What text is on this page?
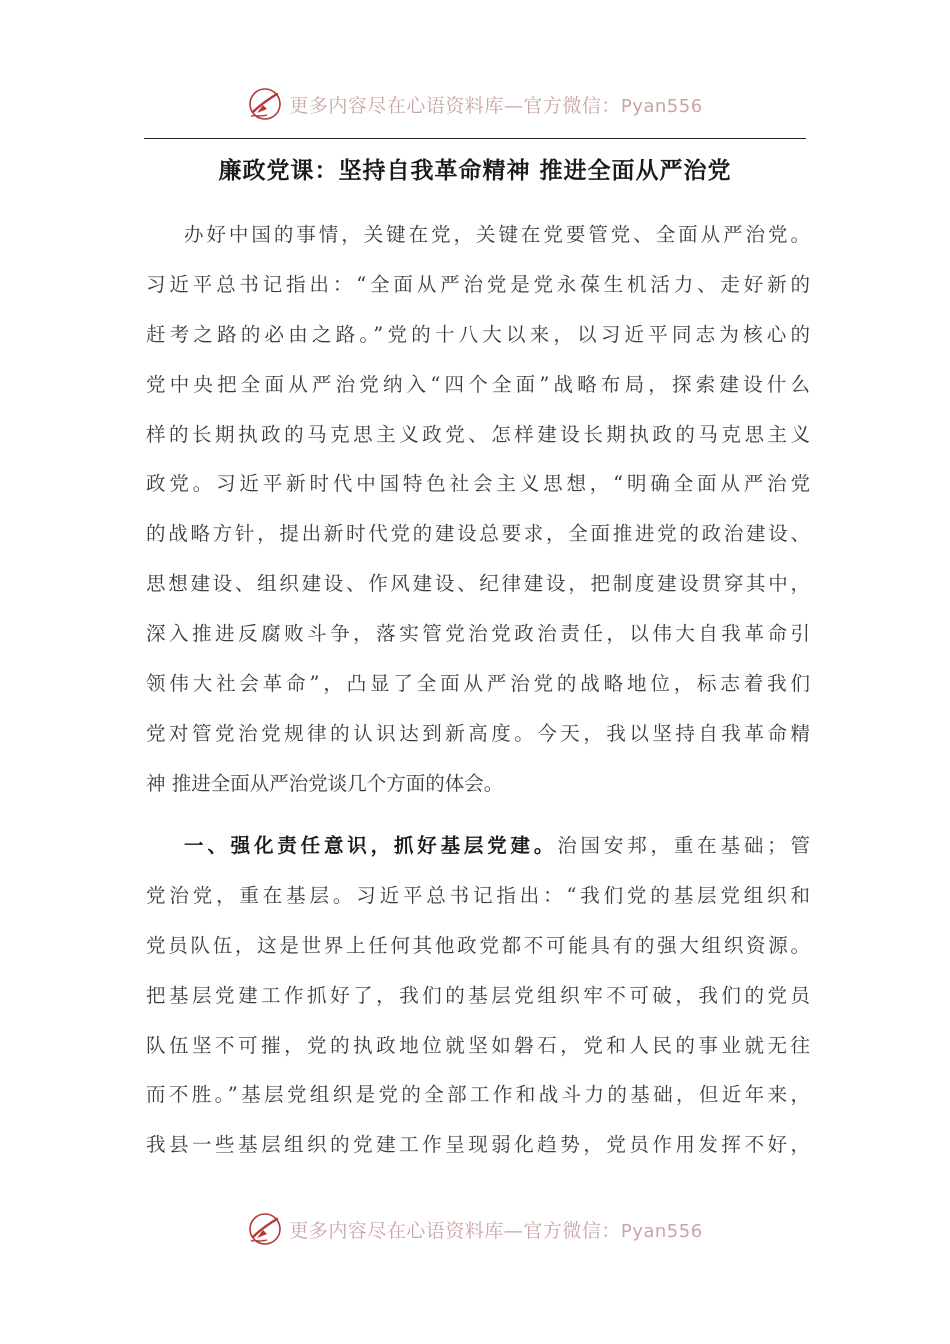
更多内容尽在心语资料库—官方微信：Pyan556
廉政党课：坚持自我革命精神 推进全面从严治党
办好中国的事情，关键在党，关键在党要管党、全面从严治党。
习近平总书记指出：“全面从严治党是党永葆生机活力、走好新的
赶考之路的必由之路。”党的十八大以来，以习近平同志为核心的
党中央把全面从严治党纳入“四个全面”战略布局，探索建设什么
样的长期执政的马克思主义政党、怎样建设长期执政的马克思主义
政党。习近平新时代中国特色社会主义思想，“明确全面从严治党
的战略方针，提出新时代党的建设总要求，全面推进党的政治建设、
思想建设、组织建设、作风建设、纪律建设，把制度建设贯穿其中，
深入推进反腐败斗争，落实管党治党政治责任，以伟大自我革命引
领伟大社会革命”，凸显了全面从严治党的战略地位，标志着我们
党对管党治党规律的认识达到新高度。今天，我以坚持自我革命精
神 推进全面从严治党谈几个方面的体会。
一、强化责任意识，抓好基层党建。治国安邦，重在基础；管
党治党，重在基层。习近平总书记指出：“我们党的基层党组织和
党员队伍，这是世界上任何其他政党都不可能具有的强大组织资源。
把基层党建工作抓好了，我们的基层党组织牢不可破，我们的党员
队伍坚不可摧，党的执政地位就坚如磐石，党和人民的事业就无往
而不胜。”基层党组织是党的全部工作和战斗力的基础，但近年来，
我县一些基层组织的党建工作呈现弱化趋势，党员作用发挥不好，
更多内容尽在心语资料库—官方微信：Pyan556
